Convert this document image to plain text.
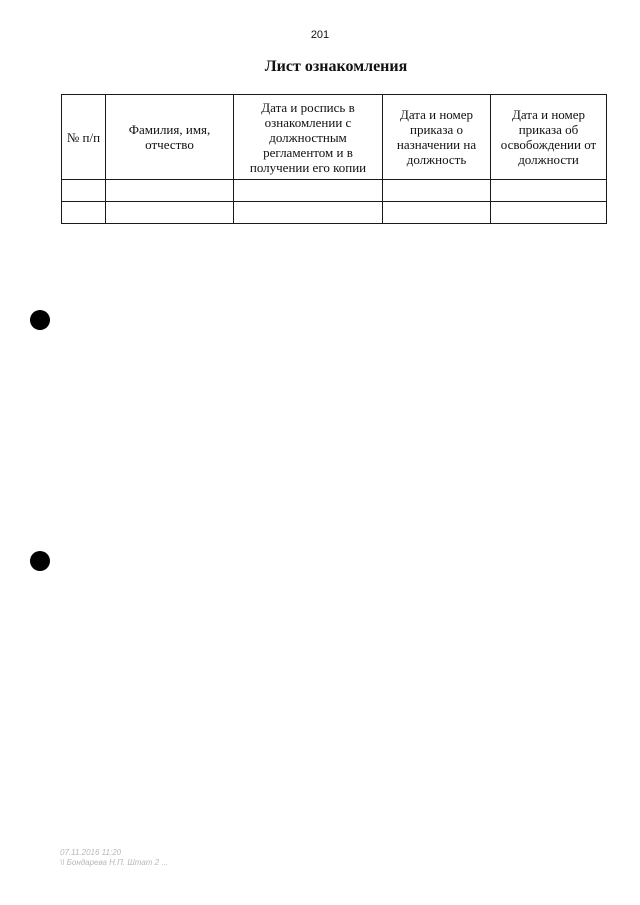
201
Лист ознакомления
№ п/п	Фамилия, имя, отчество	Дата и роспись в ознакомлении с должностным регламентом и в получении его копии	Дата и номер приказа о назначении на должность	Дата и номер приказа об освобождении от должности

07.11.2016 11:20
\\ Бондарева Н.П. Штат 2 ...
